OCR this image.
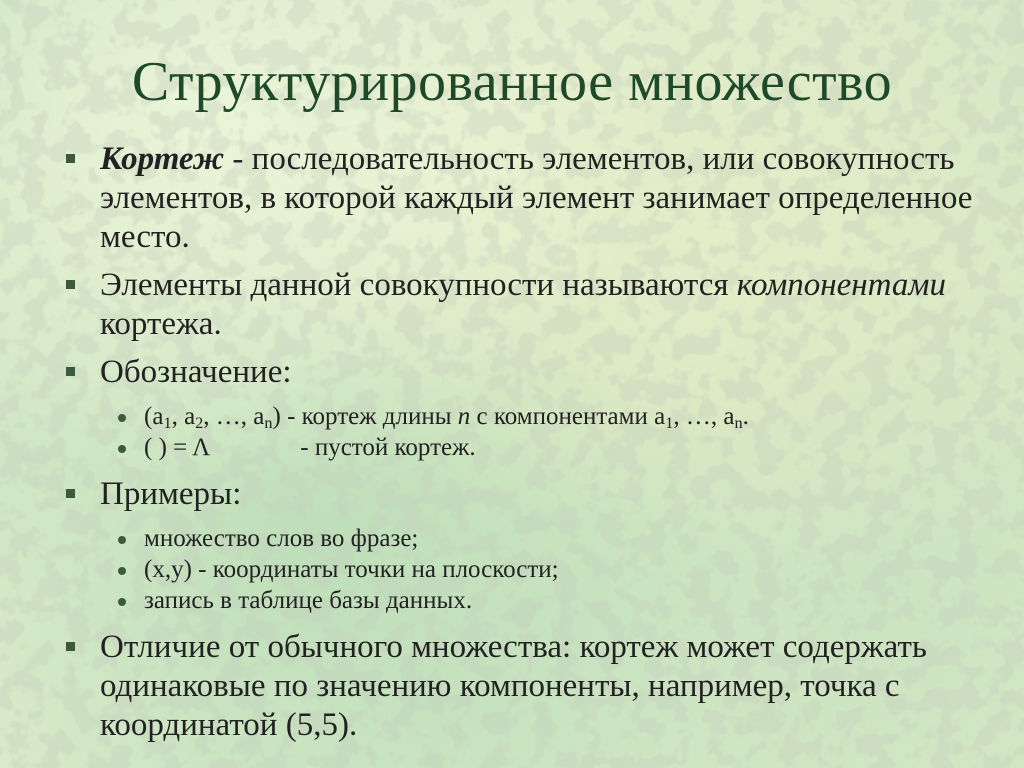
Структурированное множество
Кортеж - последовательность элементов, или совокупность элементов, в которой каждый элемент занимает определенное место.
Элементы данной совокупности называются компонентами кортежа.
Обозначение:
($a_1$, $a_2$, …, $a_n$) - кортеж длины n с компонентами $a_1$, …, $a_n$.
( ) = Λ	- пустой кортеж.
Примеры:
множество слов во фразе;
(x,y) - координаты точки на плоскости;
запись в таблице базы данных.
Отличие от обычного множества: кортеж может содержать одинаковые по значению компоненты, например, точка с координатой (5,5).
